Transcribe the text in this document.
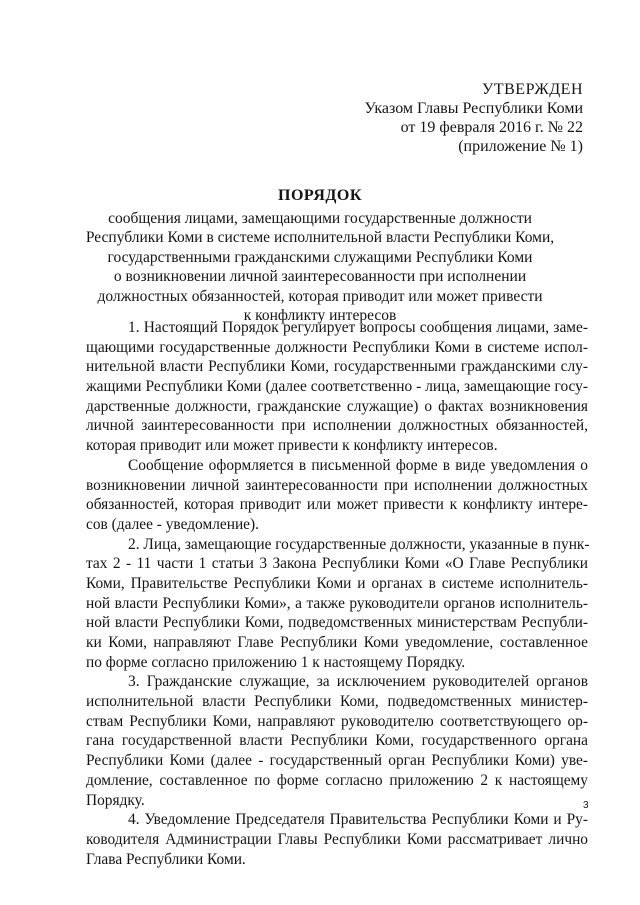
УТВЕРЖДЕН
Указом Главы Республики Коми
от 19 февраля 2016 г. № 22
(приложение № 1)
ПОРЯДОК
сообщения лицами, замещающими государственные должности
Республики Коми в системе исполнительной власти Республики Коми,
государственными гражданскими служащими Республики Коми
о возникновении личной заинтересованности при исполнении
должностных обязанностей, которая приводит или может привести
к конфликту интересов

1. Настоящий Порядок регулирует вопросы сообщения лицами, заме-
щающими государственные должности Республики Коми в системе испол-
нительной власти Республики Коми, государственными гражданскими слу-
жащими Республики Коми (далее соответственно - лица, замещающие госу-
дарственные должности, гражданские служащие) о фактах возникновения
личной заинтересованности при исполнении должностных обязанностей,
которая приводит или может привести к конфликту интересов.

Сообщение оформляется в письменной форме в виде уведомления о
возникновении личной заинтересованности при исполнении должностных
обязанностей, которая приводит или может привести к конфликту интере-
сов (далее - уведомление).

2. Лица, замещающие государственные должности, указанные в пунк-
тах 2 - 11 части 1 статьи 3 Закона Республики Коми «О Главе Республики
Коми, Правительстве Республики Коми и органах в системе исполнитель-
ной власти Республики Коми», а также руководители органов исполнитель-
ной власти Республики Коми, подведомственных министерствам Республи-
ки Коми, направляют Главе Республики Коми уведомление, составленное
по форме согласно приложению 1 к настоящему Порядку.

3. Гражданские служащие, за исключением руководителей органов
исполнительной власти Республики Коми, подведомственных министер-
ствам Республики Коми, направляют руководителю соответствующего ор-
гана государственной власти Республики Коми, государственного органа
Республики Коми (далее - государственный орган Республики Коми) уве-
домление, составленное по форме согласно приложению 2 к настоящему
Порядку.

4. Уведомление Председателя Правительства Республики Коми и Ру-
ководителя Администрации Главы Республики Коми рассматривает лично
Глава Республики Коми.

3
